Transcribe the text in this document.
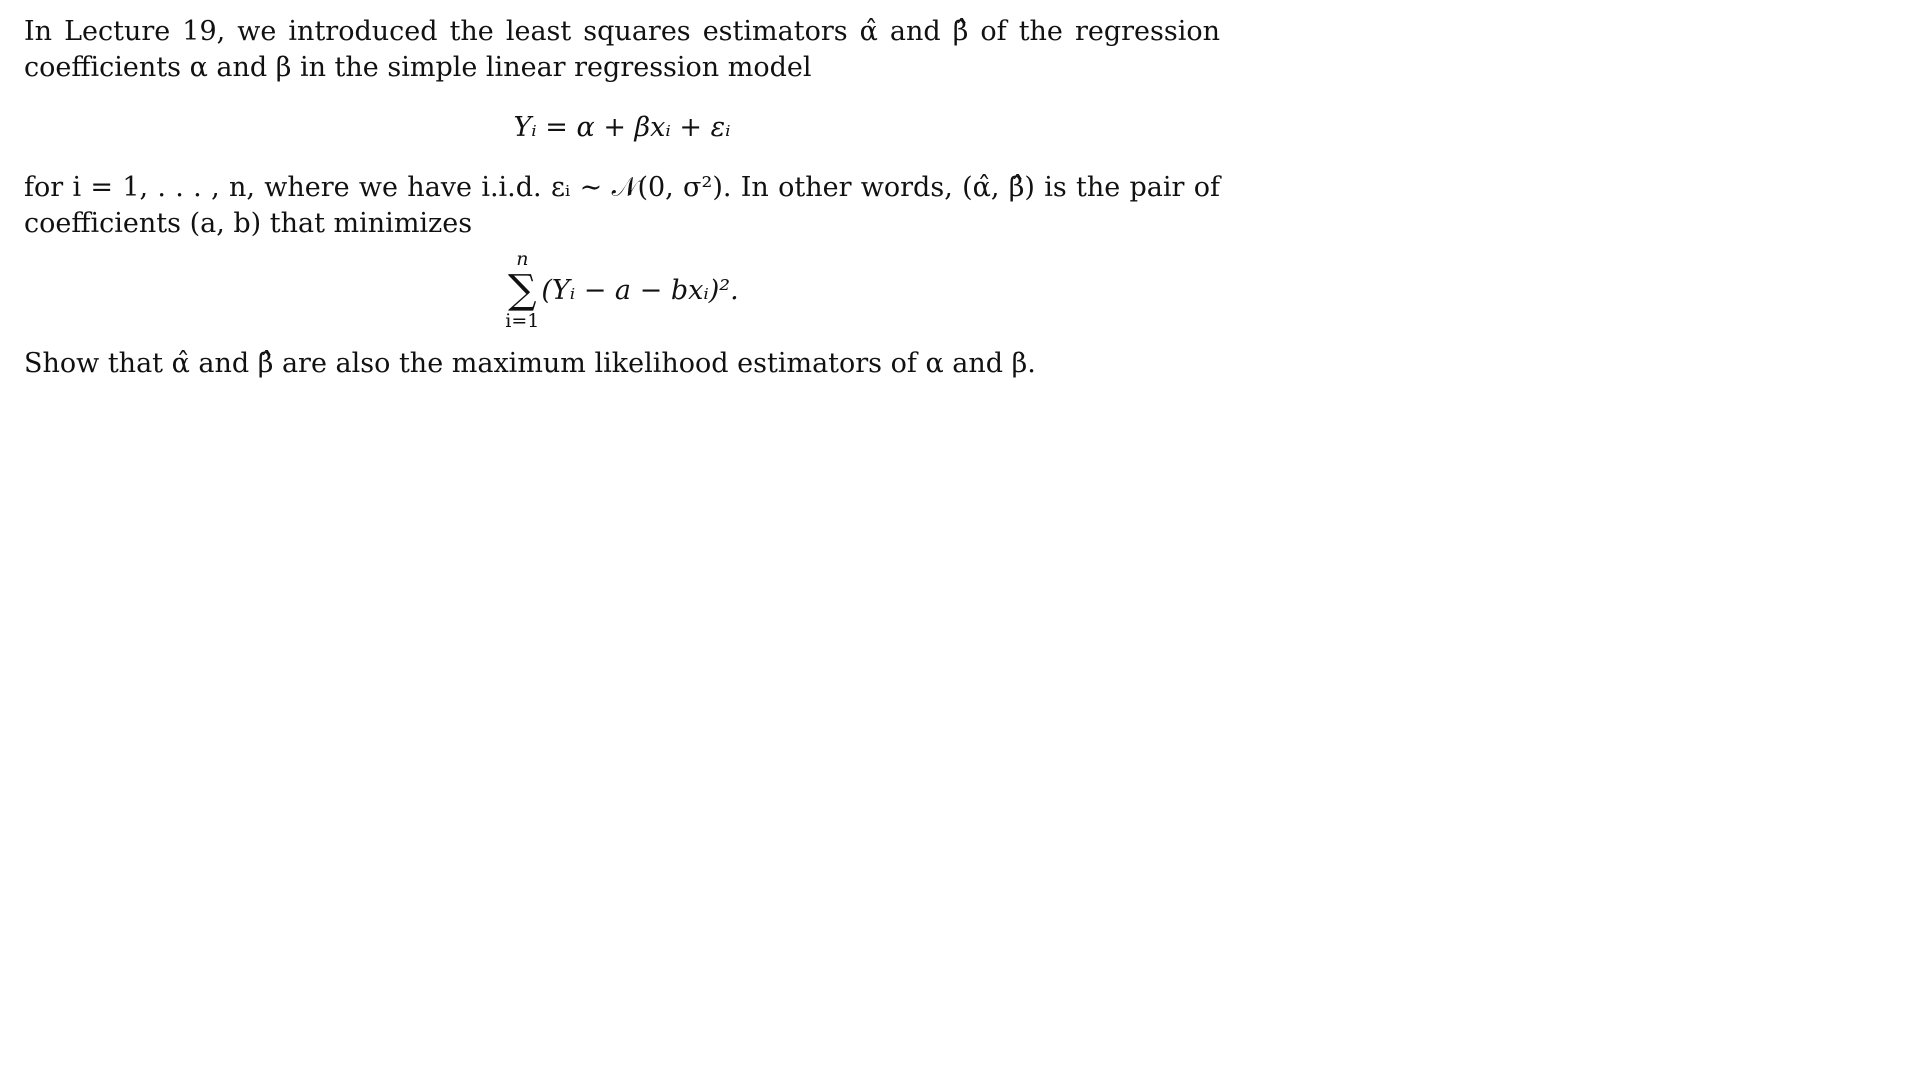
In Lecture 19, we introduced the least squares estimators α̂ and β̂ of the regression coefficients α and β in the simple linear regression model

Yᵢ = α + βxᵢ + εᵢ

for i = 1, . . . , n, where we have i.i.d. εᵢ ∼ 𝒩(0, σ²). In other words, (α̂, β̂) is the pair of coefficients (a, b) that minimizes

n
∑
i=1
(Yᵢ − a − bxᵢ)².

Show that α̂ and β̂ are also the maximum likelihood estimators of α and β.
